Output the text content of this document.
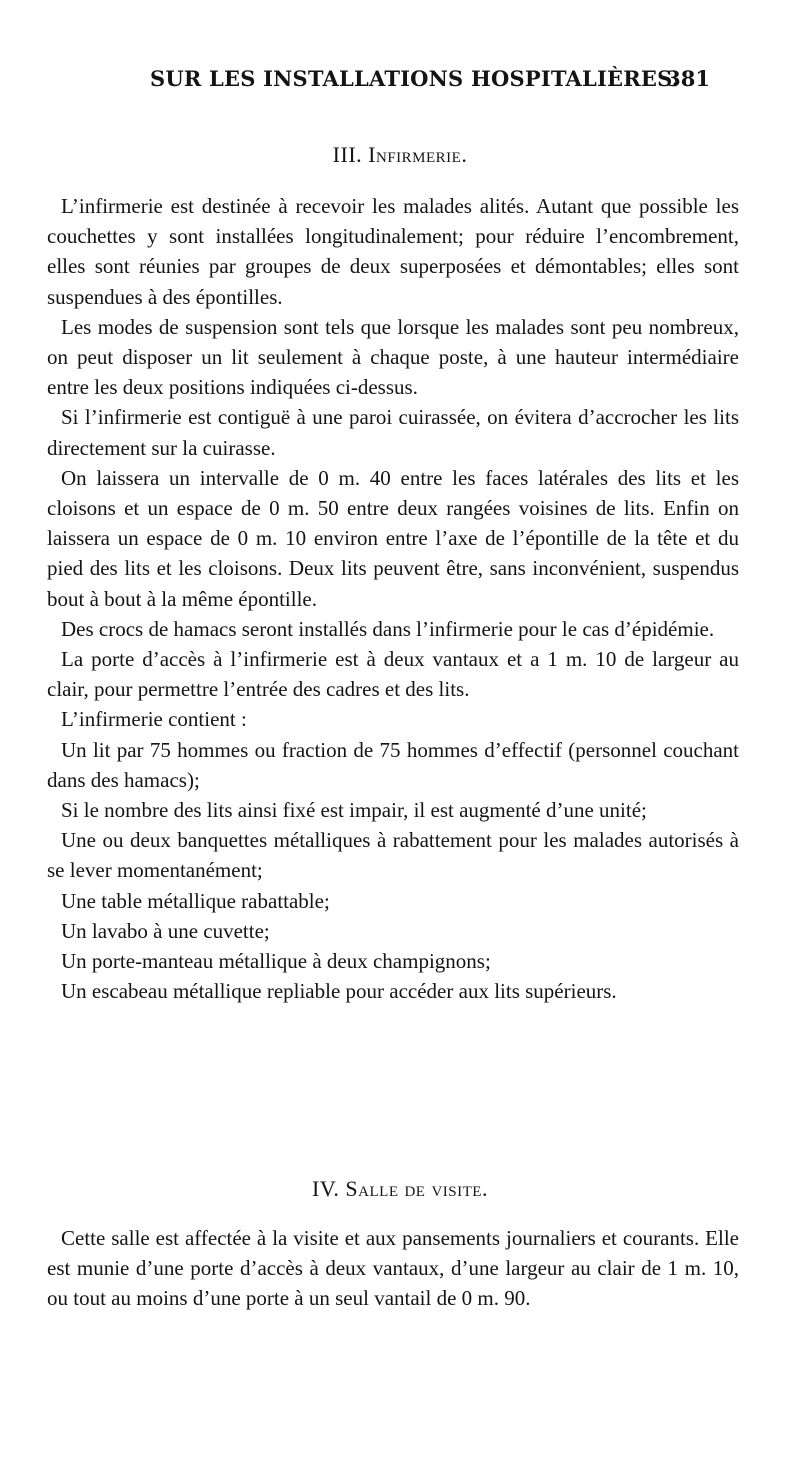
SUR LES INSTALLATIONS HOSPITALIÈRES.
381
III. Infirmerie.

L’infirmerie est destinée à recevoir les malades alités. Autant que possible les couchettes y sont installées longitudinalement; pour réduire l’encombrement, elles sont réunies par groupes de deux superposées et démontables; elles sont suspendues à des épontilles.

Les modes de suspension sont tels que lorsque les malades sont peu nombreux, on peut disposer un lit seulement à chaque poste, à une hauteur intermédiaire entre les deux positions indiquées ci-dessus.

Si l’infirmerie est contiguë à une paroi cuirassée, on évitera d’accrocher les lits directement sur la cuirasse.

On laissera un intervalle de 0 m. 40 entre les faces latérales des lits et les cloisons et un espace de 0 m. 50 entre deux rangées voisines de lits. Enfin on laissera un espace de 0 m. 10 environ entre l’axe de l’épontille de la tête et du pied des lits et les cloisons. Deux lits peuvent être, sans inconvénient, suspendus bout à bout à la même épontille.

Des crocs de hamacs seront installés dans l’infirmerie pour le cas d’épidémie.

La porte d’accès à l’infirmerie est à deux vantaux et a 1 m. 10 de largeur au clair, pour permettre l’entrée des cadres et des lits.

L’infirmerie contient :

Un lit par 75 hommes ou fraction de 75 hommes d’effectif (personnel couchant dans des hamacs);

Si le nombre des lits ainsi fixé est impair, il est augmenté d’une unité;

Une ou deux banquettes métalliques à rabattement pour les malades autorisés à se lever momentanément;

Une table métallique rabattable;

Un lavabo à une cuvette;

Un porte-manteau métallique à deux champignons;

Un escabeau métallique repliable pour accéder aux lits supérieurs.

IV. Salle de visite.

Cette salle est affectée à la visite et aux pansements journaliers et courants. Elle est munie d’une porte d’accès à deux vantaux, d’une largeur au clair de 1 m. 10, ou tout au moins d’une porte à un seul vantail de 0 m. 90.
